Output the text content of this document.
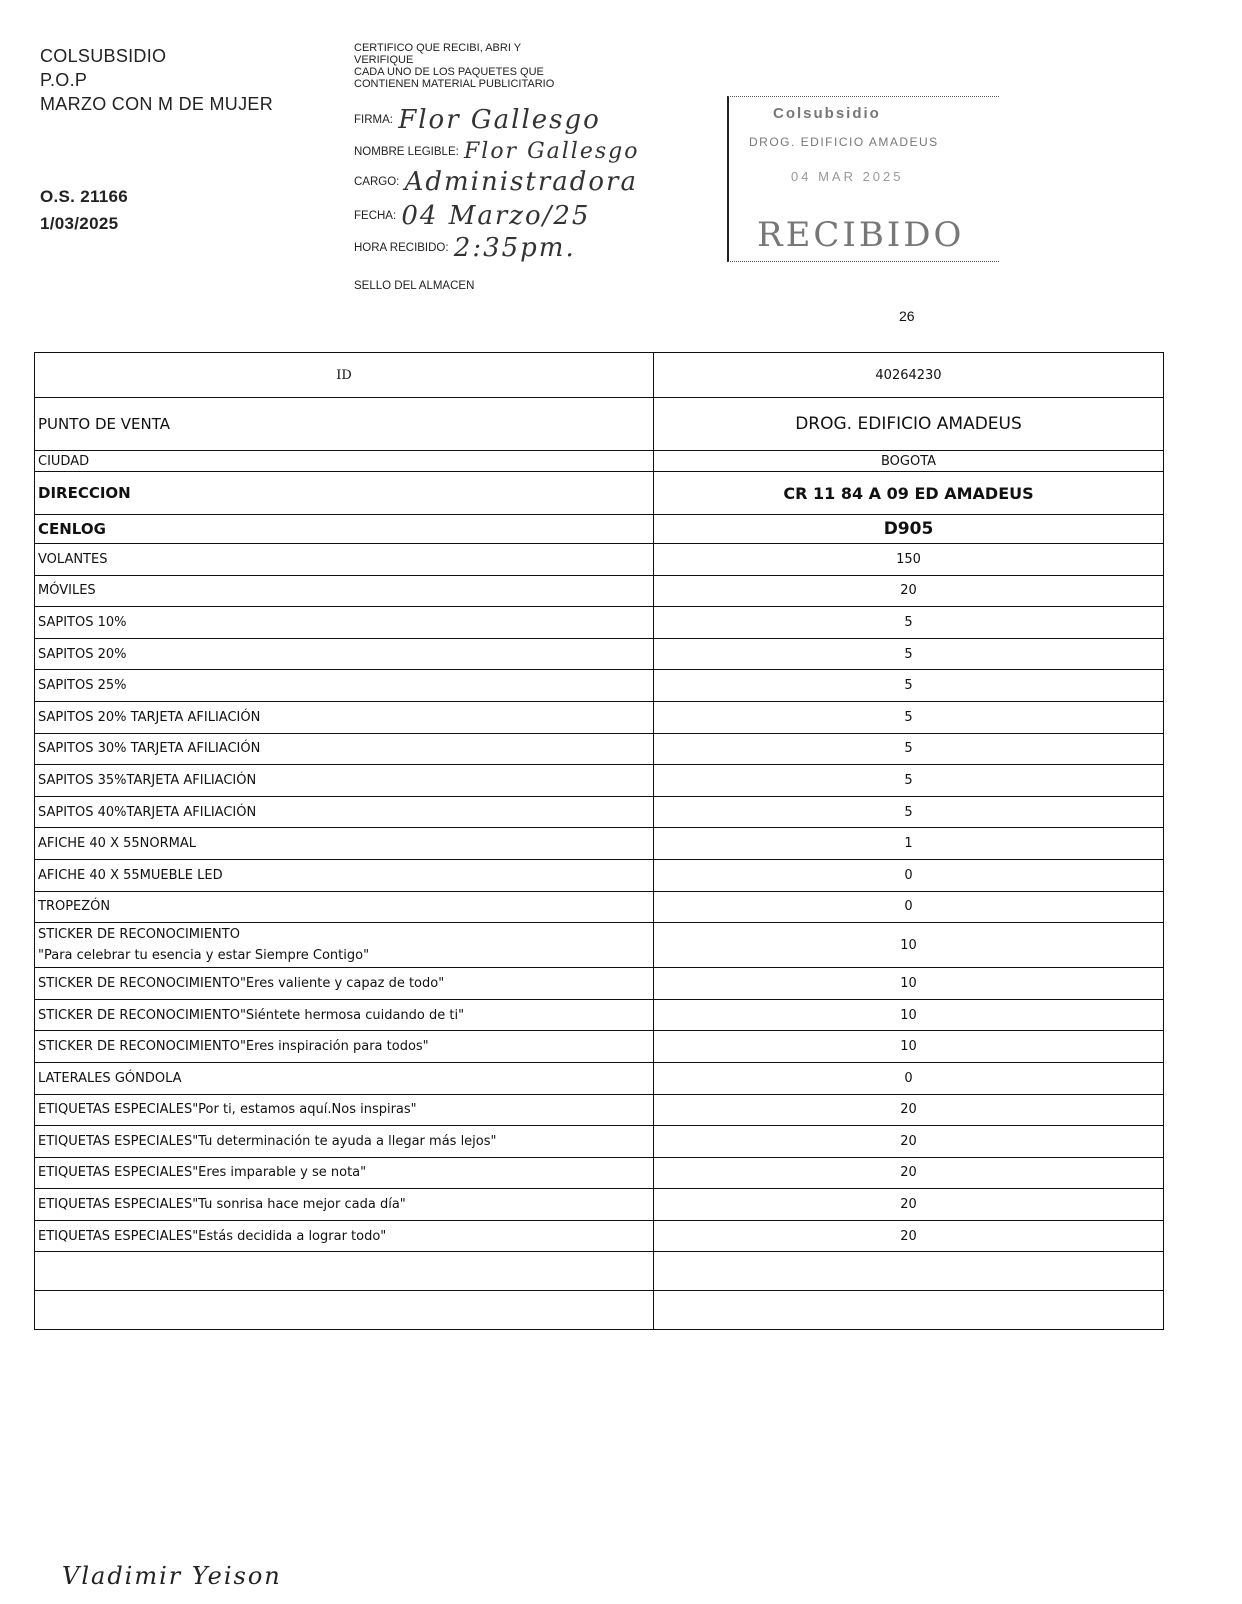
COLSUBSIDIO
P.O.P
MARZO CON M DE MUJER
O.S. 21166
1/03/2025
CERTIFICO QUE RECIBI, ABRI Y
VERIFIQUE
CADA UNO DE LOS PAQUETES QUE
CONTIENEN MATERIAL PUBLICITARIO
FIRMA: Flor Gallesgo
NOMBRE LEGIBLE: Flor Gallesgo
CARGO: Administradora
FECHA: 04 Marzo/25
HORA RECIBIDO: 2:35pm.
SELLO DEL ALMACEN
Colsubsidio
DROG. EDIFICIO AMADEUS
04 MAR 2025
RECIBIDO
26
ID	40264230
PUNTO DE VENTA	DROG. EDIFICIO AMADEUS
CIUDAD	BOGOTA
DIRECCION	CR 11 84 A 09 ED AMADEUS
CENLOG	D905

VOLANTES	150

MÓVILES	20

SAPITOS 10%	5

SAPITOS 20%	5

SAPITOS 25%	5

SAPITOS 20% TARJETA AFILIACIÓN	5

SAPITOS 30% TARJETA AFILIACIÓN	5

SAPITOS 35%TARJETA AFILIACIÓN	5

SAPITOS 40%TARJETA AFILIACIÓN	5

AFICHE 40 X 55NORMAL	1

AFICHE 40 X 55MUEBLE LED	0

TROPEZÓN	0

STICKER DE RECONOCIMIENTO
"Para celebrar tu esencia y estar Siempre Contigo"	10

STICKER DE RECONOCIMIENTO"Eres valiente y capaz de todo"	10

STICKER DE RECONOCIMIENTO"Siéntete hermosa cuidando de ti"	10

STICKER DE RECONOCIMIENTO"Eres inspiración para todos"	10

LATERALES GÓNDOLA	0

ETIQUETAS ESPECIALES"Por ti, estamos aquí.Nos inspiras"	20

ETIQUETAS ESPECIALES"Tu determinación te ayuda a llegar más lejos"	20

ETIQUETAS ESPECIALES"Eres imparable y se nota"	20

ETIQUETAS ESPECIALES"Tu sonrisa hace mejor cada día"	20

ETIQUETAS ESPECIALES"Estás decidida a lograr todo"	20

Vladimir Yeison
